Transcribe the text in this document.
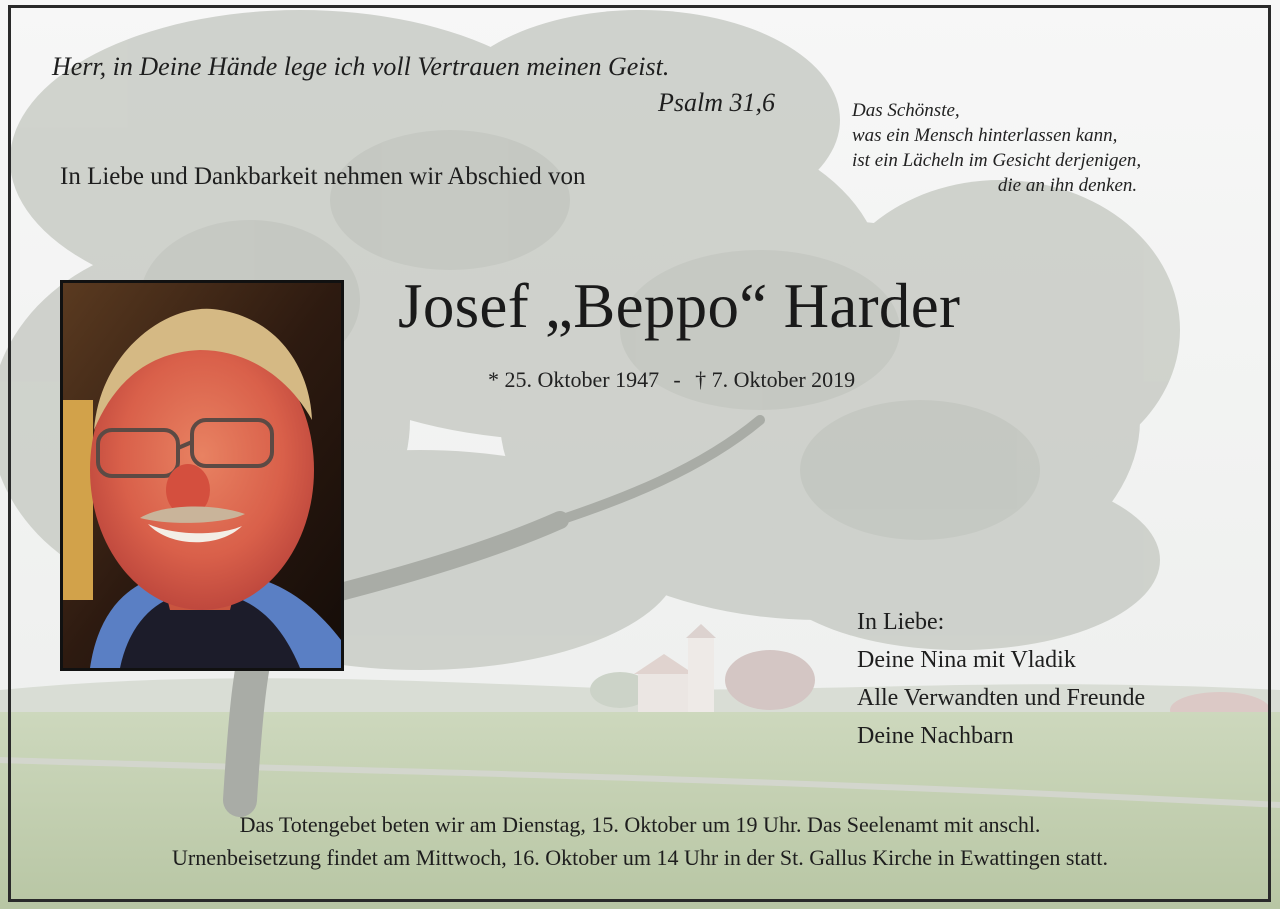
Herr, in Deine Hände lege ich voll Vertrauen meinen Geist.
Psalm 31,6	Das Schönste,
was ein Mensch hinterlassen kann,
ist ein Lächeln im Gesicht derjenigen,
die an ihn denken.
In Liebe und Dankbarkeit nehmen wir Abschied von
Josef „Beppo“ Harder
* 25. Oktober 1947 - † 7. Oktober 2019
In Liebe:
Deine Nina mit Vladik
Alle Verwandten und Freunde
Deine Nachbarn
Das Totengebet beten wir am Dienstag, 15. Oktober um 19 Uhr. Das Seelenamt mit anschl.
Urnenbeisetzung findet am Mittwoch, 16. Oktober um 14 Uhr in der St. Gallus Kirche in Ewattingen statt.
